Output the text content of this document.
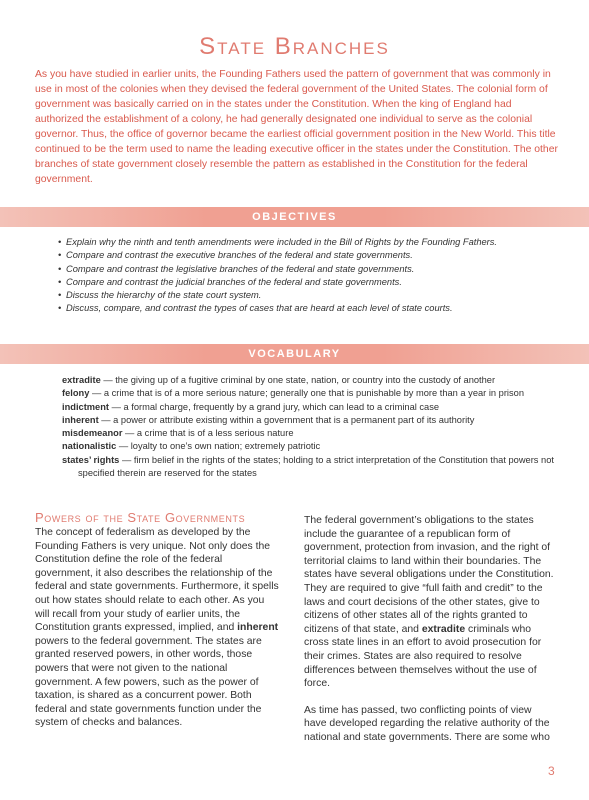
State Branches
As you have studied in earlier units, the Founding Fathers used the pattern of government that was commonly in use in most of the colonies when they devised the federal government of the United States. The colonial form of government was basically carried on in the states under the Constitution. When the king of England had authorized the establishment of a colony, he had generally designated one individual to serve as the colonial governor. Thus, the office of governor became the earliest official government position in the New World. This title continued to be the term used to name the leading executive officer in the states under the Constitution. The other branches of state government closely resemble the pattern as established in the Constitution for the federal government.
OBJECTIVES
• Explain why the ninth and tenth amendments were included in the Bill of Rights by the Founding Fathers.
• Compare and contrast the executive branches of the federal and state governments.
• Compare and contrast the legislative branches of the federal and state governments.
• Compare and contrast the judicial branches of the federal and state governments.
• Discuss the hierarchy of the state court system.
• Discuss, compare, and contrast the types of cases that are heard at each level of state courts.
VOCABULARY
extradite — the giving up of a fugitive criminal by one state, nation, or country into the custody of another
felony — a crime that is of a more serious nature; generally one that is punishable by more than a year in prison
indictment — a formal charge, frequently by a grand jury, which can lead to a criminal case
inherent — a power or attribute existing within a government that is a permanent part of its authority
misdemeanor — a crime that is of a less serious nature
nationalistic — loyalty to one’s own nation; extremely patriotic
states’ rights — firm belief in the rights of the states; holding to a strict interpretation of the Constitution that powers not specified therein are reserved for the states
Powers of the State Governments

The concept of federalism as developed by the Founding Fathers is very unique. Not only does the Constitution define the role of the federal government, it also describes the relationship of the federal and state governments. Furthermore, it spells out how states should relate to each other. As you will recall from your study of earlier units, the Constitution grants expressed, implied, and inherent powers to the federal government. The states are granted reserved powers, in other words, those powers that were not given to the national government. A few powers, such as the power of taxation, is shared as a concurrent power. Both federal and state governments function under the system of checks and balances.

The federal government’s obligations to the states include the guarantee of a republican form of government, protection from invasion, and the right of territorial claims to land within their boundaries. The states have several obligations under the Constitution. They are required to give “full faith and credit” to the laws and court decisions of the other states, give to citizens of other states all of the rights granted to citizens of that state, and extradite criminals who cross state lines in an effort to avoid prosecution for their crimes. States are also required to resolve differences between themselves without the use of force.

As time has passed, two conflicting points of view have developed regarding the relative authority of the national and state governments. There are some who

3
